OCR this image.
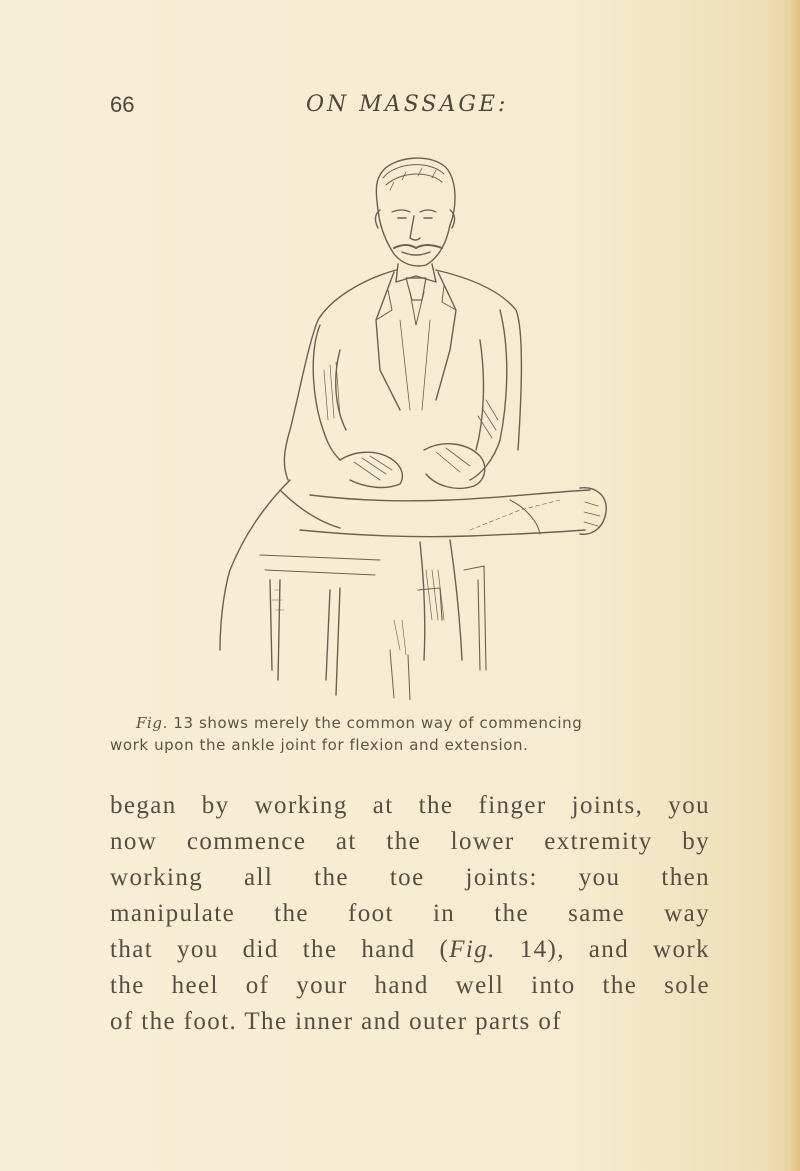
66	ON MASSAGE:
Fig. 13 shows merely the common way of commencing
work upon the ankle joint for flexion and extension.
began by working at the finger joints, you
now commence at the lower extremity by
working all the toe joints: you then
manipulate the foot in the same way
that you did the hand (Fig. 14), and work
the heel of your hand well into the sole
of the foot. The inner and outer parts of
